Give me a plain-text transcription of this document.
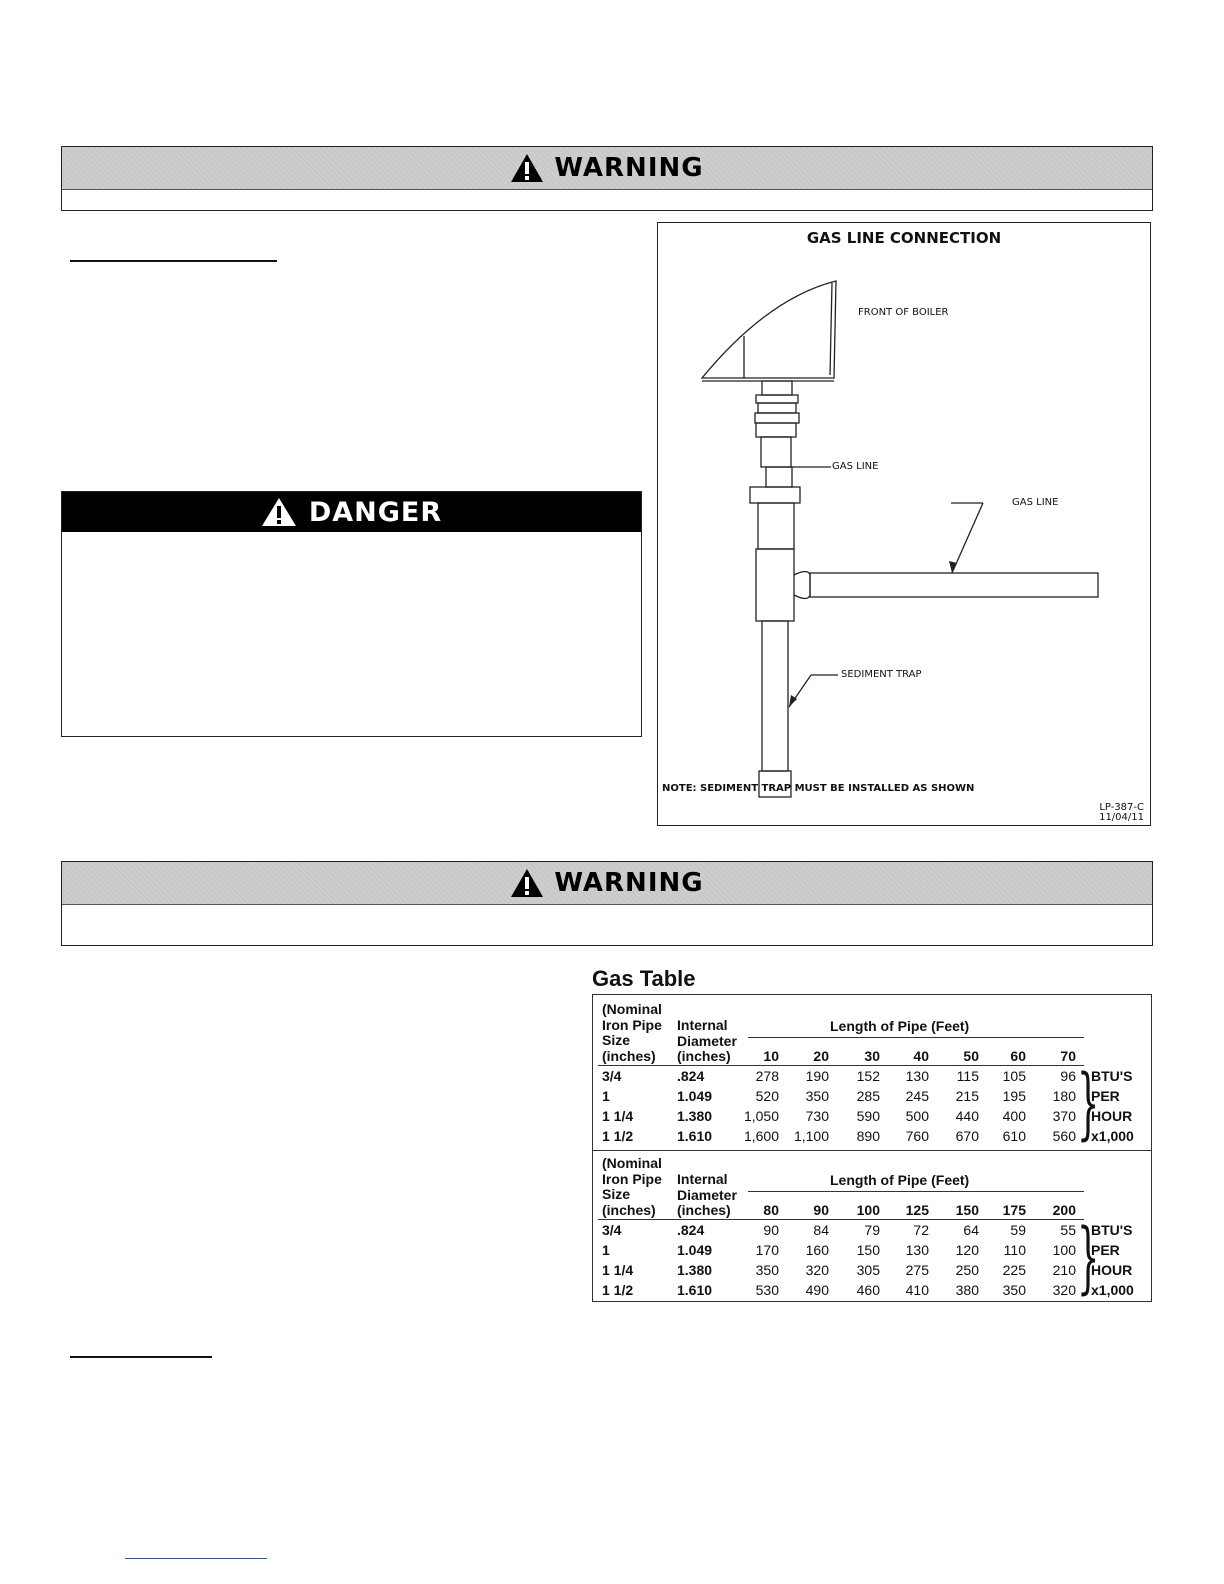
WARNING
DANGER
GAS LINE CONNECTION
FRONT OF BOILER
GAS LINE
GAS LINE
SEDIMENT TRAP
NOTE: SEDIMENT TRAP MUST BE INSTALLED AS SHOWN
LP-387-C
11/04/11
WARNING
Gas Table
(Nominal
Iron Pipe
Size
(inches)
Internal
Diameter
(inches)
Length of Pipe (Feet)
10	20	30	40	50	60	70
3/4	.824	278	190	152	130	115	105	96
1	1.049	520	350	285	245	215	195	180
1 1/4	1.380	1,050	730	590	500	440	400	370
1 1/2	1.610	1,600	1,100	890	760	670	610	560 }
BTU'S
PER
HOUR
x1,000
(Nominal
Iron Pipe
Size
(inches)
Internal
Diameter
(inches)
Length of Pipe (Feet)
80	90	100	125	150	175	200
3/4	.824	90	84	79	72	64	59	55
1	1.049	170	160	150	130	120	110	100
1 1/4	1.380	350	320	305	275	250	225	210
1 1/2	1.610	530	490	460	410	380	350	320 }
BTU'S
PER
HOUR
x1,000
